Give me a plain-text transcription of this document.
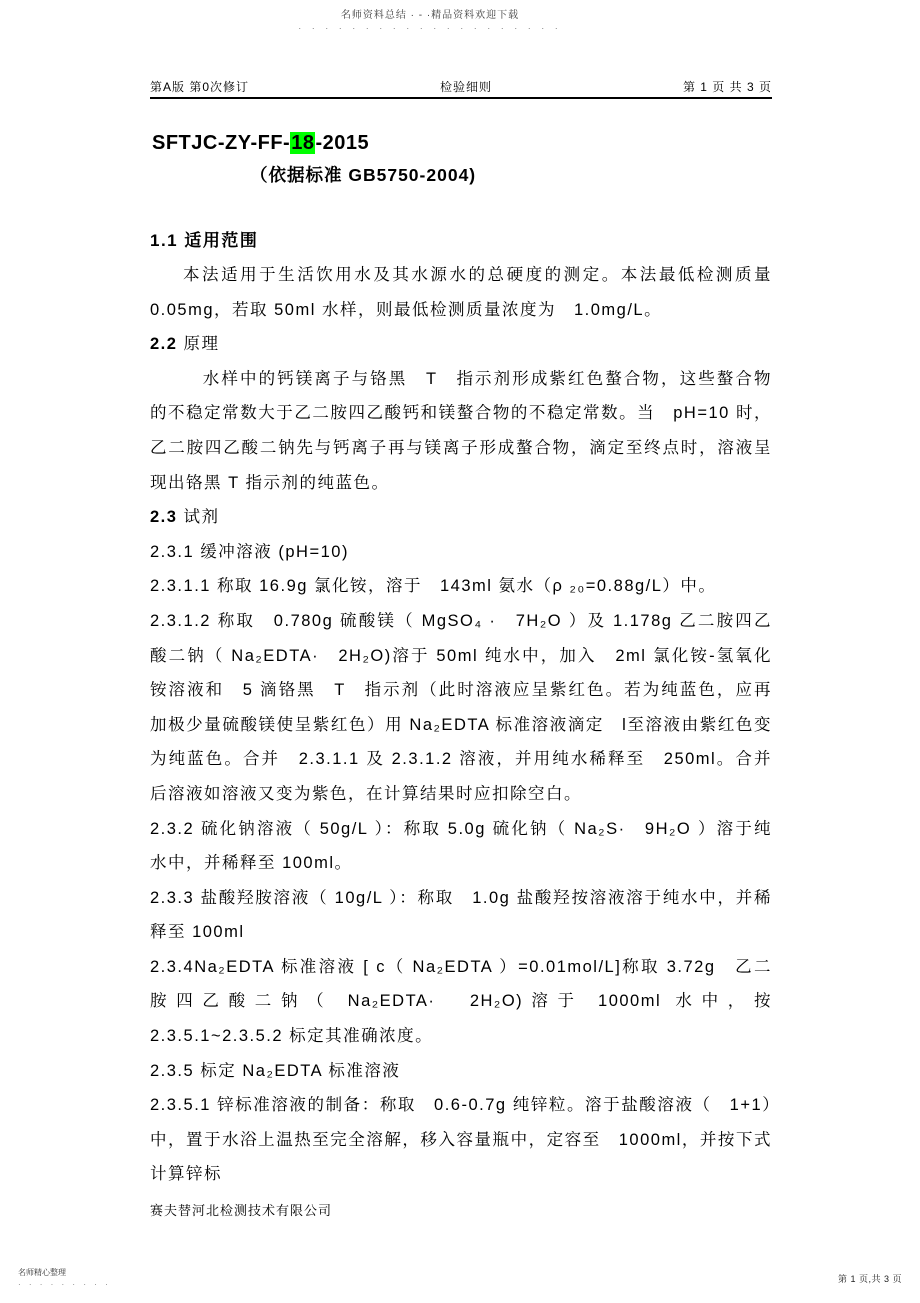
名师资料总结 · - ·精品资料欢迎下载
· · · · · · · · · · · · · · · · · · · ·
第A版 第0次修订	检验细则	第 1 页 共 3 页
SFTJC-ZY-FF-18-2015
（依据标准 GB5750-2004)
1.1 适用范围

本法适用于生活饮用水及其水源水的总硬度的测定。本法最低检测质量 0.05mg，若取 50ml 水样，则最低检测质量浓度为　1.0mg/L。

2.2 原理

水样中的钙镁离子与铬黑　T　指示剂形成紫红色螯合物，这些螯合物的不稳定常数大于乙二胺四乙酸钙和镁螯合物的不稳定常数。当　pH=10 时，乙二胺四乙酸二钠先与钙离子再与镁离子形成螯合物，滴定至终点时，溶液呈现出铬黑 T 指示剂的纯蓝色。

2.3 试剂

2.3.1 缓冲溶液 (pH=10)

2.3.1.1 称取 16.9g 氯化铵，溶于　143ml 氨水（ρ ₂₀=0.88g/L）中。

2.3.1.2 称取　0.780g 硫酸镁（ MgSO₄ ·　7H₂O ）及 1.178g 乙二胺四乙酸二钠（ Na₂EDTA·　2H₂O)溶于 50ml 纯水中，加入　2ml 氯化铵-氢氧化铵溶液和　5 滴铬黑　T　指示剂（此时溶液应呈紫红色。若为纯蓝色，应再加极少量硫酸镁使呈紫红色）用 Na₂EDTA 标准溶液滴定　l至溶液由紫红色变为纯蓝色。合并　2.3.1.1 及 2.3.1.2 溶液，并用纯水稀释至　250ml。合并后溶液如溶液又变为紫色，在计算结果时应扣除空白。

2.3.2 硫化钠溶液（ 50g/L ）：称取 5.0g 硫化钠（ Na₂S·　9H₂O ）溶于纯水中，并稀释至 100ml。

2.3.3 盐酸羟胺溶液（ 10g/L ）：称取　1.0g 盐酸羟按溶液溶于纯水中，并稀释至 100ml

2.3.4Na₂EDTA 标准溶液 [ c（ Na₂EDTA ）=0.01mol/L]称取 3.72g　乙二胺四乙酸二钠（ Na₂EDTA·　2H₂O)溶于 1000ml 水中，按　2.3.5.1~2.3.5.2 标定其准确浓度。

2.3.5 标定 Na₂EDTA 标准溶液

2.3.5.1 锌标准溶液的制备：称取　0.6-0.7g 纯锌粒。溶于盐酸溶液（　1+1）中，置于水浴上温热至完全溶解，移入容量瓶中，定容至　1000ml，并按下式计算锌标

赛夫替河北检测技术有限公司
名师精心整理
· · · · · · · · ·
第 1 页,共 3 页
